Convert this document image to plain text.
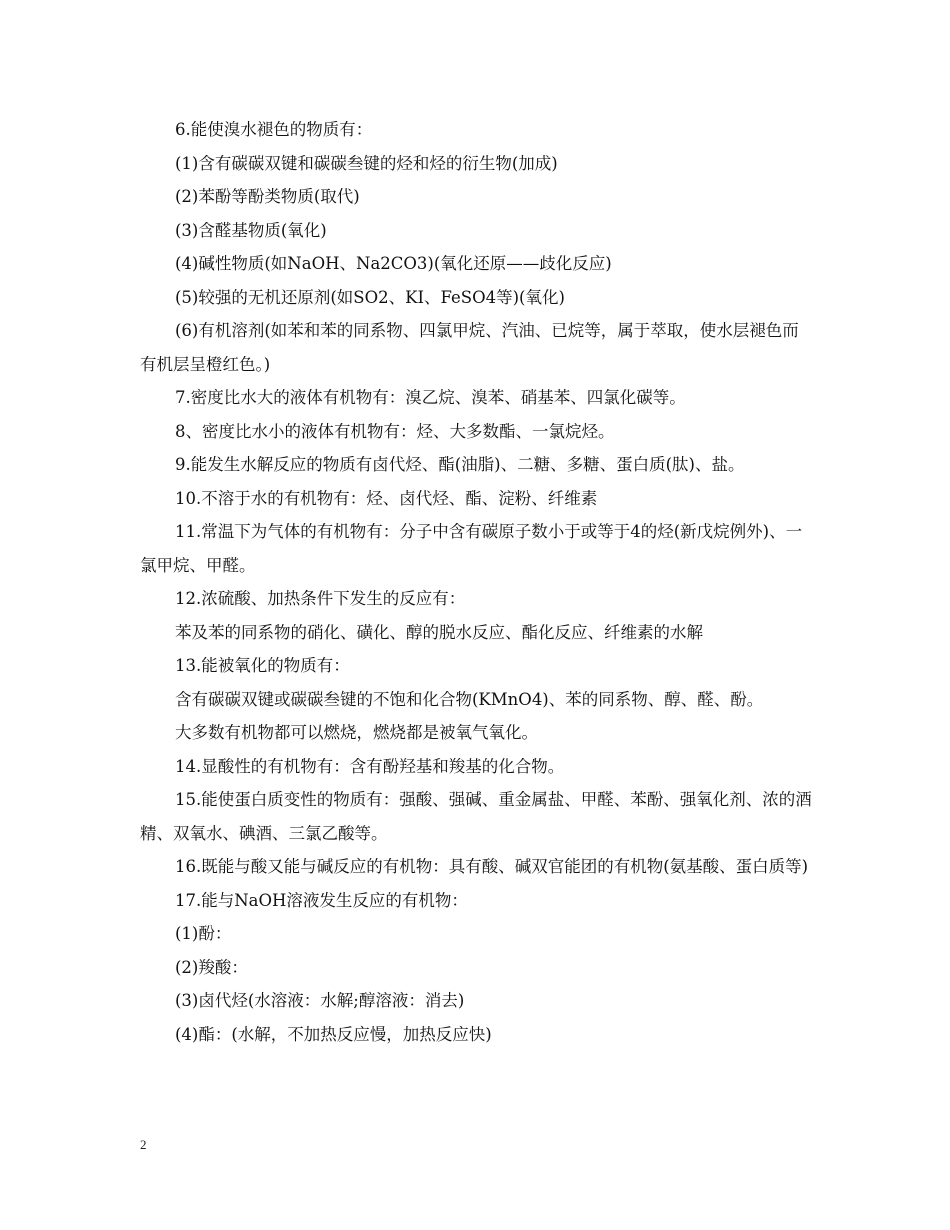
6.能使溴水褪色的物质有：

(1)含有碳碳双键和碳碳叁键的烃和烃的衍生物(加成)

(2)苯酚等酚类物质(取代)

(3)含醛基物质(氧化)

(4)碱性物质(如NaOH、Na2CO3)(氧化还原——歧化反应)

(5)较强的无机还原剂(如SO2、KI、FeSO4等)(氧化)

(6)有机溶剂(如苯和苯的同系物、四氯甲烷、汽油、已烷等，属于萃取，使水层褪色而有机层呈橙红色。)

7.密度比水大的液体有机物有：溴乙烷、溴苯、硝基苯、四氯化碳等。

8、密度比水小的液体有机物有：烃、大多数酯、一氯烷烃。

9.能发生水解反应的物质有卤代烃、酯(油脂)、二糖、多糖、蛋白质(肽)、盐。

10.不溶于水的有机物有：烃、卤代烃、酯、淀粉、纤维素

11.常温下为气体的有机物有：分子中含有碳原子数小于或等于4的烃(新戊烷例外)、一氯甲烷、甲醛。

12.浓硫酸、加热条件下发生的反应有：

苯及苯的同系物的硝化、磺化、醇的脱水反应、酯化反应、纤维素的水解

13.能被氧化的物质有：

含有碳碳双键或碳碳叁键的不饱和化合物(KMnO4)、苯的同系物、醇、醛、酚。

大多数有机物都可以燃烧，燃烧都是被氧气氧化。

14.显酸性的有机物有：含有酚羟基和羧基的化合物。

15.能使蛋白质变性的物质有：强酸、强碱、重金属盐、甲醛、苯酚、强氧化剂、浓的酒精、双氧水、碘酒、三氯乙酸等。

16.既能与酸又能与碱反应的有机物：具有酸、碱双官能团的有机物(氨基酸、蛋白质等)

17.能与NaOH溶液发生反应的有机物：

(1)酚：

(2)羧酸：

(3)卤代烃(水溶液：水解;醇溶液：消去)

(4)酯：(水解，不加热反应慢，加热反应快)

2
